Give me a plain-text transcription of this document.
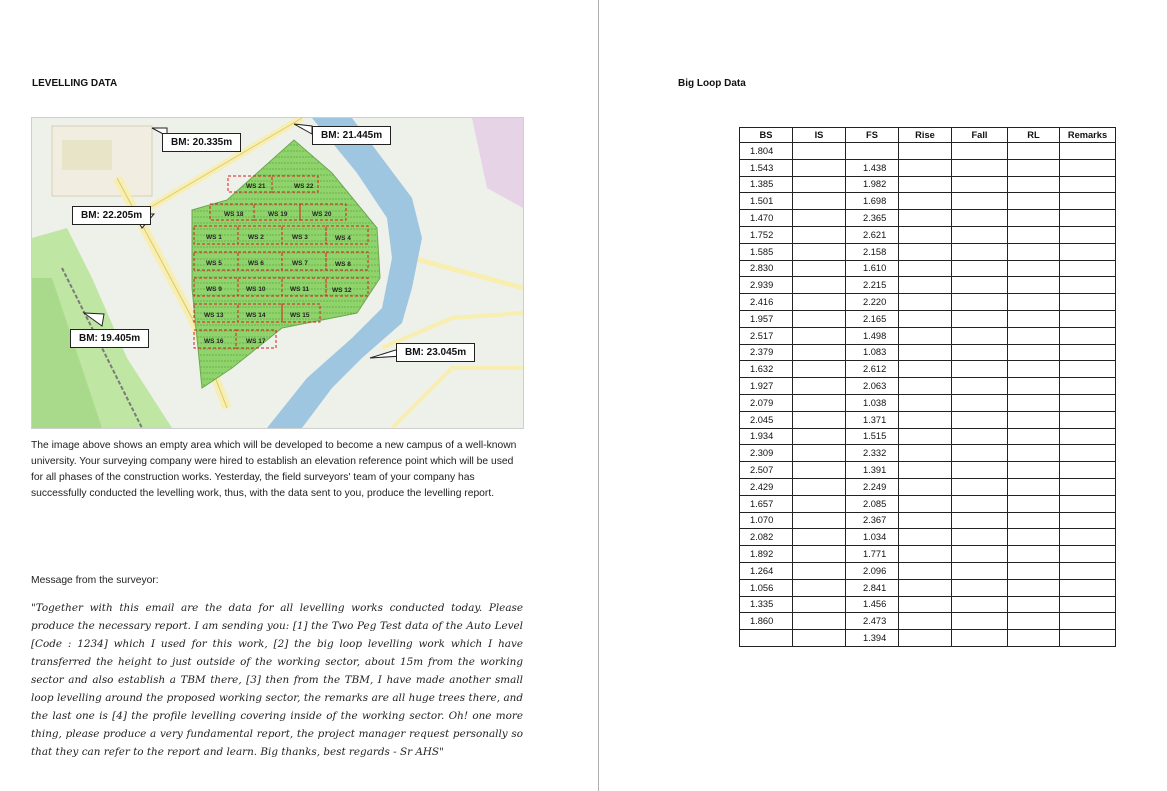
LEVELLING DATA
WS 21	WS 22
WS 18	WS 19	WS 20
WS 1	WS 2	WS 3	WS 4
WS 5	WS 6	WS 7	WS 8
WS 9	WS 10	WS 11	WS 12
WS 13	WS 14	WS 15
WS 16	WS 17
BM: 20.335m
BM: 21.445m
BM: 22.205m
BM: 19.405m
BM: 23.045m
The image above shows an empty area which will be developed to become a new campus of a well-known university. Your surveying company were hired to establish an elevation reference point which will be used for all phases of the construction works. Yesterday, the field surveyors' team of your company has successfully conducted the levelling work, thus, with the data sent to you, produce the levelling report.
Message from the surveyor:
"Together with this email are the data for all levelling works conducted today. Please produce the necessary report. I am sending you: [1] the Two Peg Test data of the Auto Level [Code : 1234] which I used for this work, [2] the big loop levelling work which I have transferred the height to just outside of the working sector, about 15m from the working sector and also establish a TBM there, [3] then from the TBM, I have made another small loop levelling around the proposed working sector, the remarks are all huge trees there, and the last one is [4] the profile levelling covering inside of the working sector. Oh! one more thing, please produce a very fundamental report, the project manager request personally so that they can refer to the report and learn. Big thanks, best regards - Sr AHS"
Big Loop Data
BS	IS	FS	Rise	Fall	RL	Remarks
1.804						
1.543		1.438				
1.385		1.982				
1.501		1.698				
1.470		2.365				
1.752		2.621				
1.585		2.158				
2.830		1.610				
2.939		2.215				
2.416		2.220				
1.957		2.165				
2.517		1.498				
2.379		1.083				
1.632		2.612				
1.927		2.063				
2.079		1.038				
2.045		1.371				
1.934		1.515				
2.309		2.332				
2.507		1.391				
2.429		2.249				
1.657		2.085				
1.070		2.367				
2.082		1.034				
1.892		1.771				
1.264		2.096				
1.056		2.841				
1.335		1.456				
1.860		2.473				
		1.394				
